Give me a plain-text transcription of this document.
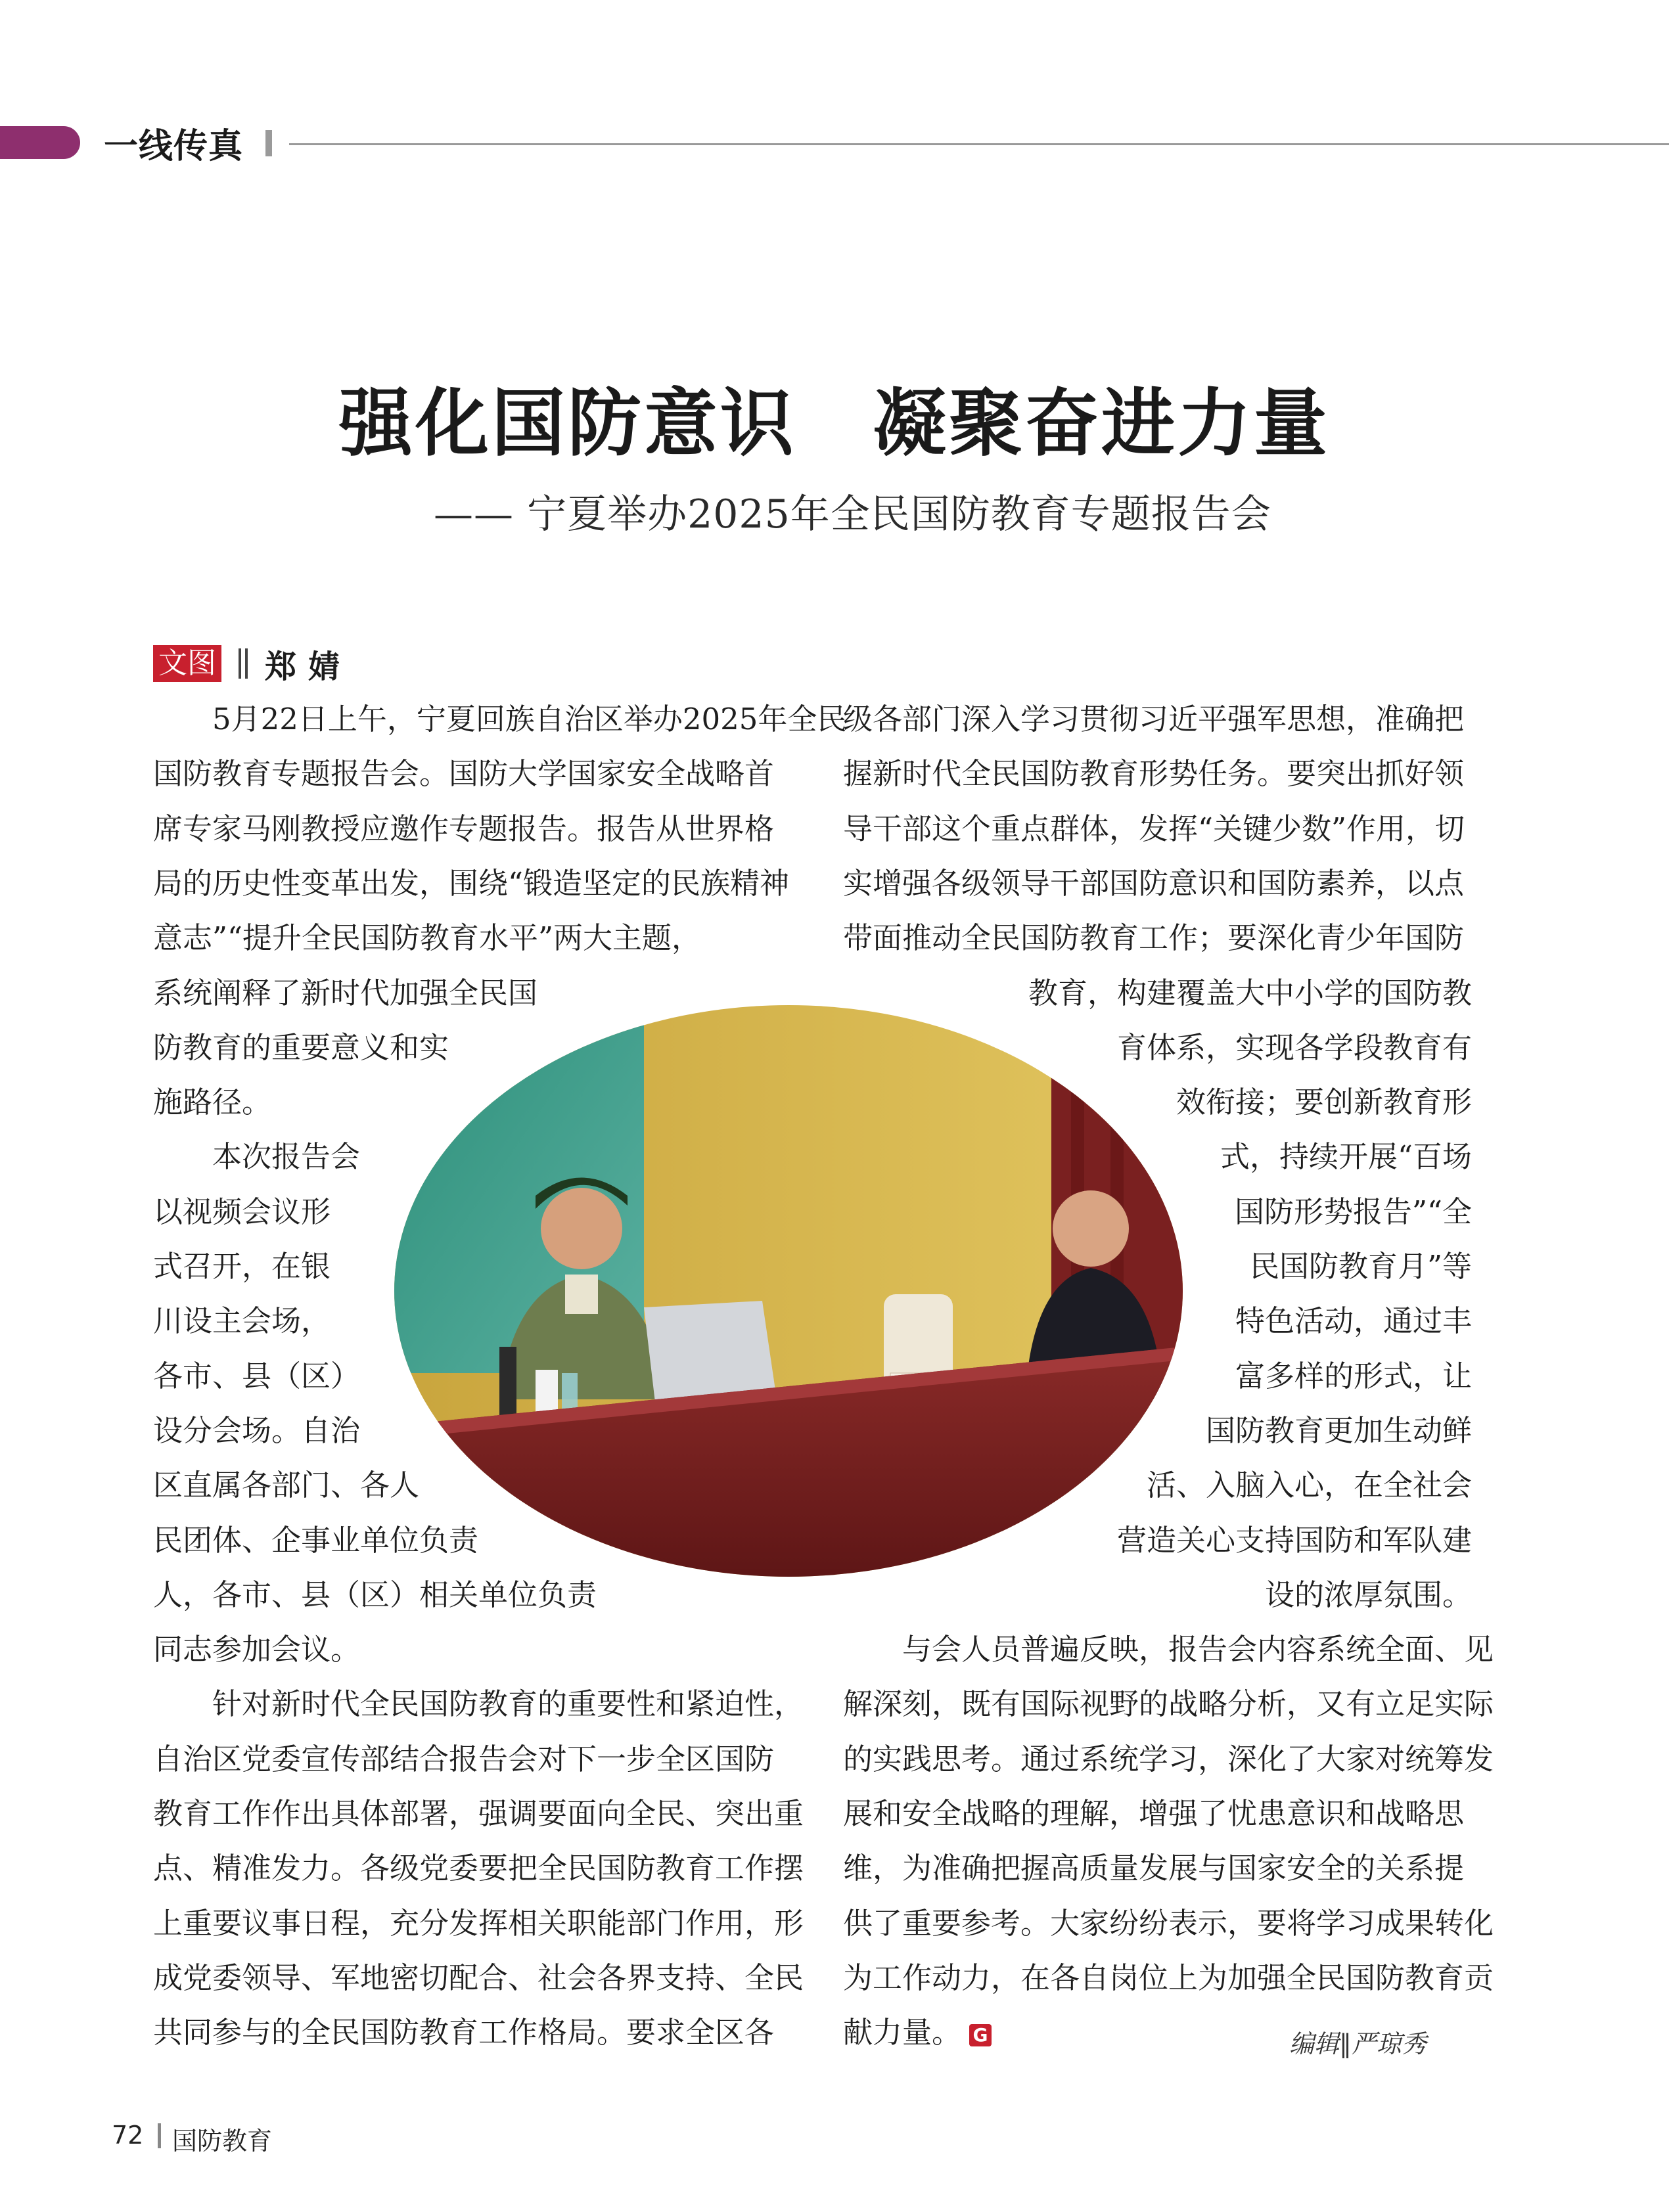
一线传真
强化国防意识　凝聚奋进力量
—— 宁夏举办2025年全民国防教育专题报告会
文图 郑婧
　　5月22日上午，宁夏回族自治区举办2025年全民
国防教育专题报告会。国防大学国家安全战略首
席专家马刚教授应邀作专题报告。报告从世界格
局的历史性变革出发，围绕“锻造坚定的民族精神
意志”“提升全民国防教育水平”两大主题，
系统阐释了新时代加强全民国
防教育的重要意义和实
施路径。
　　本次报告会
以视频会议形
式召开，在银
川设主会场，
各市、县（区）
设分会场。自治
区直属各部门、各人
民团体、企事业单位负责
人，各市、县（区）相关单位负责
同志参加会议。
　　针对新时代全民国防教育的重要性和紧迫性，
自治区党委宣传部结合报告会对下一步全区国防
教育工作作出具体部署，强调要面向全民、突出重
点、精准发力。各级党委要把全民国防教育工作摆
上重要议事日程，充分发挥相关职能部门作用，形
成党委领导、军地密切配合、社会各界支持、全民
共同参与的全民国防教育工作格局。要求全区各
级各部门深入学习贯彻习近平强军思想，准确把
握新时代全民国防教育形势任务。要突出抓好领
导干部这个重点群体，发挥“关键少数”作用，切
实增强各级领导干部国防意识和国防素养，以点
带面推动全民国防教育工作；要深化青少年国防
教育，构建覆盖大中小学的国防教
育体系，实现各学段教育有
效衔接；要创新教育形
式，持续开展“百场
国防形势报告”“全
民国防教育月”等
特色活动，通过丰
富多样的形式，让
国防教育更加生动鲜
活、入脑入心，在全社会
营造关心支持国防和军队建
设的浓厚氛围。
　　与会人员普遍反映，报告会内容系统全面、见
解深刻，既有国际视野的战略分析，又有立足实际
的实践思考。通过系统学习，深化了大家对统筹发
展和安全战略的理解，增强了忧患意识和战略思
维，为准确把握高质量发展与国家安全的关系提
供了重要参考。大家纷纷表示，要将学习成果转化
为工作动力，在各自岗位上为加强全民国防教育贡
献力量。 G	编辑‖严琼秀
72 国防教育
